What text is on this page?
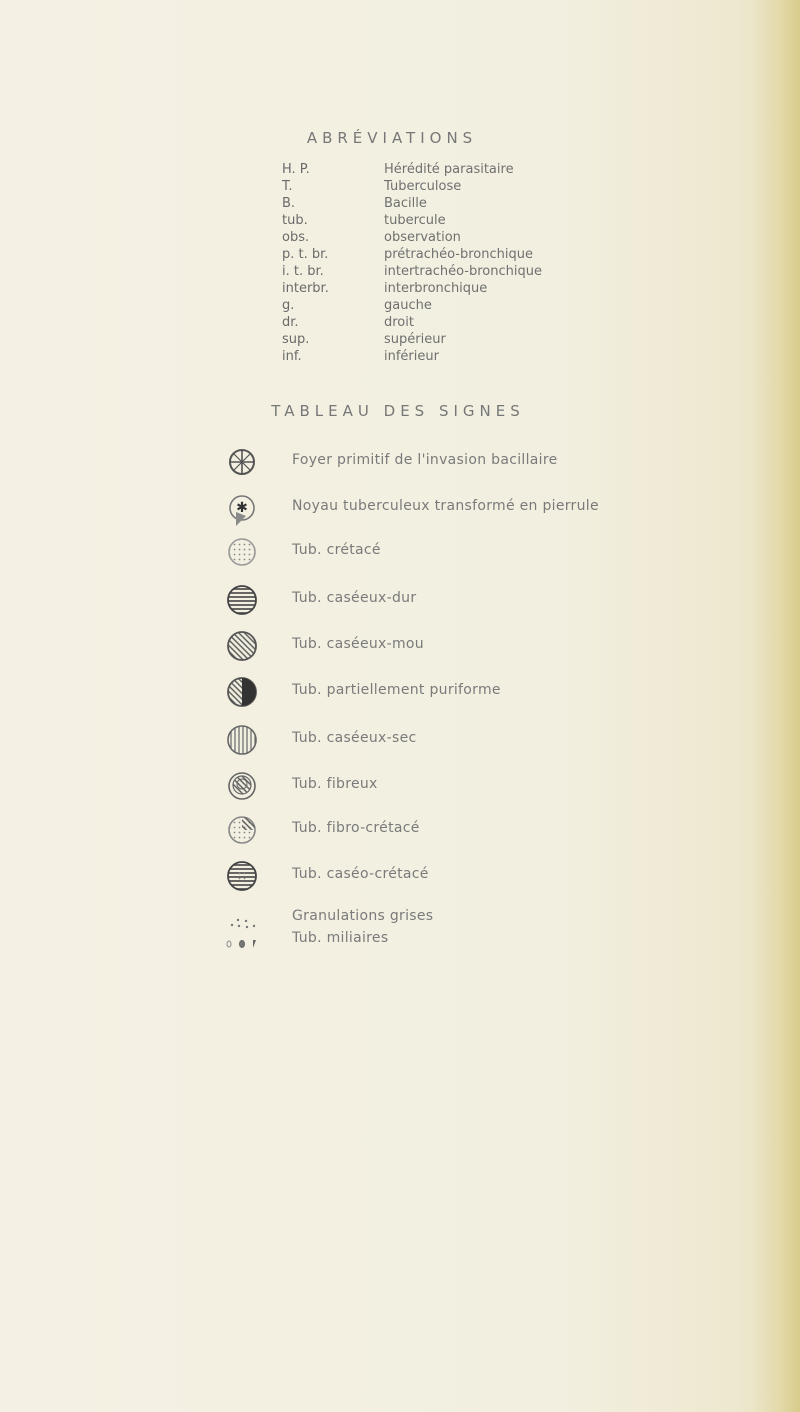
ABRÉVIATIONS
H. P.	Hérédité parasitaire
T.	Tuberculose
B.	Bacille
tub.	tubercule
obs.	observation
p. t. br.	prétrachéo-bronchique
i. t. br.	intertrachéo-bronchique
interbr.	interbronchique
g.	gauche
dr.	droit
sup.	supérieur
inf.	inférieur
TABLEAU DES SIGNES
Foyer primitif de l'invasion bacillaire
✱	Noyau tuberculeux transformé en pierrule
Tub. crétacé
Tub. caséeux-dur
Tub. caséeux-mou
Tub. partiellement puriforme
Tub. caséeux-sec
Tub. fibreux
Tub. fibro-crétacé
Tub. caséo-crétacé
Granulations grises
Tub. miliaires
